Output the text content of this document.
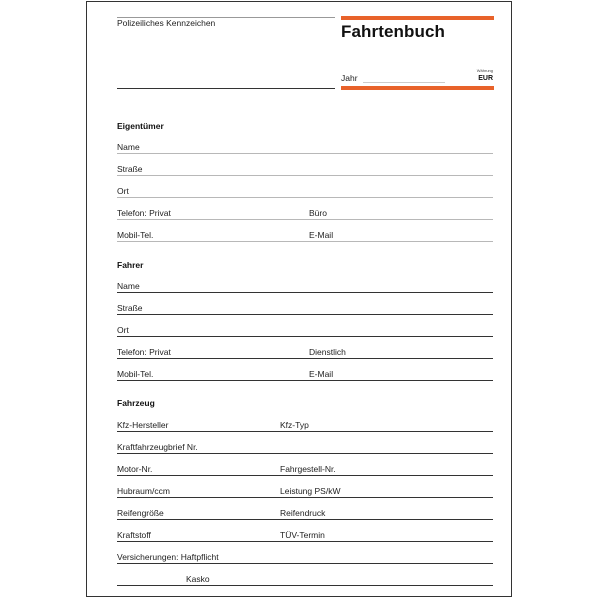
Polizeiliches Kennzeichen	Fahrtenbuch
Jahr
Währung
EUR
Eigentümer
Name
Straße
Ort
Telefon: Privat	Büro
Mobil-Tel.	E-Mail
Fahrer
Name
Straße
Ort
Telefon: Privat	Dienstlich
Mobil-Tel.	E-Mail
Fahrzeug
Kfz-Hersteller	Kfz-Typ
Kraftfahrzeugbrief Nr.
Motor-Nr.	Fahrgestell-Nr.
Hubraum/ccm	Leistung PS/kW
Reifengröße	Reifendruck
Kraftstoff	TÜV-Termin
Versicherungen: Haftpflicht
Kasko
